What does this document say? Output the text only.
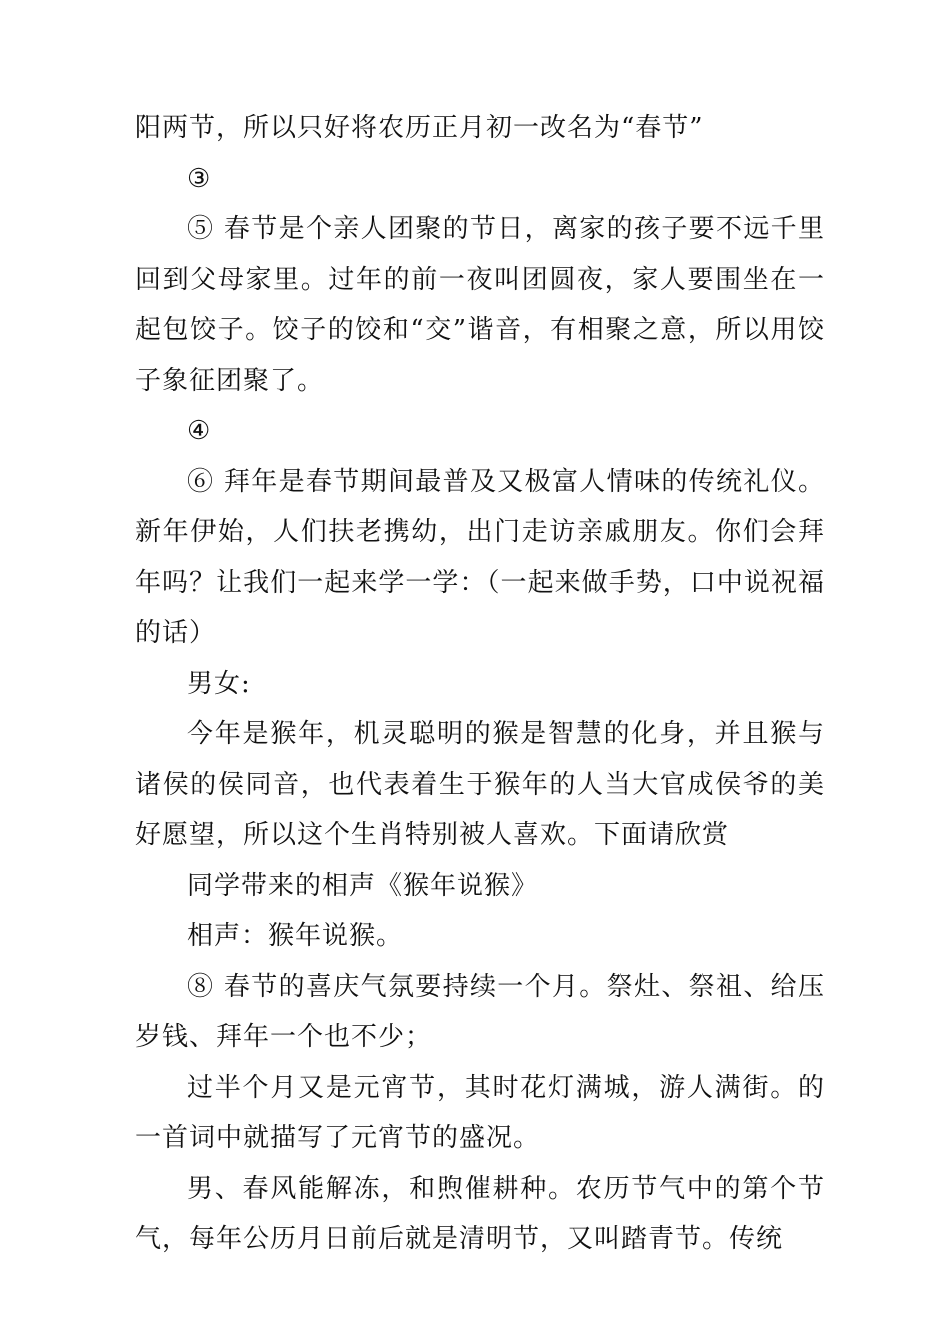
阳两节，所以只好将农历正月初一改名为“春节”

③

⑤ 春节是个亲人团聚的节日，离家的孩子要不远千里回到父母家里。过年的前一夜叫团圆夜，家人要围坐在一起包饺子。饺子的饺和“交”谐音，有相聚之意，所以用饺子象征团聚了。

④

⑥ 拜年是春节期间最普及又极富人情味的传统礼仪。新年伊始，人们扶老携幼，出门走访亲戚朋友。你们会拜年吗？让我们一起来学一学：（一起来做手势，口中说祝福的话）

男女:

今年是猴年，机灵聪明的猴是智慧的化身，并且猴与诸侯的侯同音，也代表着生于猴年的人当大官成侯爷的美好愿望，所以这个生肖特别被人喜欢。下面请欣赏

同学带来的相声《猴年说猴》

相声：猴年说猴。

⑧ 春节的喜庆气氛要持续一个月。祭灶、祭祖、给压岁钱、拜年一个也不少；

过半个月又是元宵节，其时花灯满城，游人满街。的一首词中就描写了元宵节的盛况。

男、春风能解冻，和煦催耕种。农历节气中的第个节气，每年公历月日前后就是清明节，又叫踏青节。传统
